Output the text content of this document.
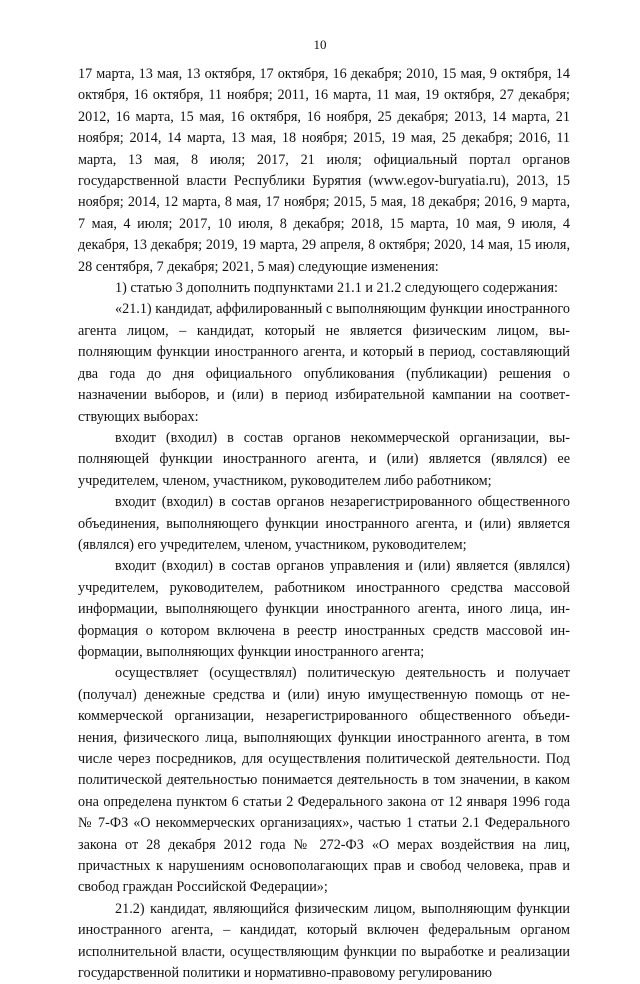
10

17 марта, 13 мая, 13 октября, 17 октября, 16 декабря; 2010, 15 мая, 9 октября, 14 октября, 16 октября, 11 ноября; 2011, 16 марта, 11 мая, 19 октября, 27 декабря; 2012, 16 марта, 15 мая, 16 октября, 16 ноября, 25 декабря; 2013, 14 марта, 21 ноября; 2014, 14 марта, 13 мая, 18 ноября; 2015, 19 мая, 25 декабря; 2016, 11 марта, 13 мая, 8 июля; 2017, 21 июля; официальный портал органов государственной власти Республики Бурятия (www.egov-buryatia.ru), 2013, 15 ноября; 2014, 12 марта, 8 мая, 17 ноября; 2015, 5 мая, 18 декабря; 2016, 9 марта, 7 мая, 4 июля; 2017, 10 июля, 8 декабря; 2018, 15 марта, 10 мая, 9 июля, 4 декабря, 13 декабря; 2019, 19 марта, 29 апреля, 8 октября; 2020, 14 мая, 15 июля, 28 сентября, 7 декабря; 2021, 5 мая) следующие изменения:

1) статью 3 дополнить подпунктами 21.1 и 21.2 следующего содержания:

«21.1) кандидат, аффилированный с выполняющим функции иностранного агента лицом, – кандидат, который не является физическим лицом, выполняющим функции иностранного агента, и который в период, составляющий два года до дня официального опубликования (публикации) решения о назначении выборов, и (или) в период избирательной кампании на соответствующих выборах:

входит (входил) в состав органов некоммерческой организации, выполняющей функции иностранного агента, и (или) является (являлся) ее учредителем, членом, участником, руководителем либо работником;

входит (входил) в состав органов незарегистрированного общественного объединения, выполняющего функции иностранного агента, и (или) является (являлся) его учредителем, членом, участником, руководителем;

входит (входил) в состав органов управления и (или) является (являлся) учредителем, руководителем, работником иностранного средства массовой информации, выполняющего функции иностранного агента, иного лица, информация о котором включена в реестр иностранных средств массовой информации, выполняющих функции иностранного агента;

осуществляет (осуществлял) политическую деятельность и получает (получал) денежные средства и (или) иную имущественную помощь от некоммерческой организации, незарегистрированного общественного объединения, физического лица, выполняющих функции иностранного агента, в том числе через посредников, для осуществления политической деятельности. Под политической деятельностью понимается деятельность в том значении, в каком она определена пунктом 6 статьи 2 Федерального закона от 12 января 1996 года № 7-ФЗ «О некоммерческих организациях», частью 1 статьи 2.1 Федерального закона от 28 декабря 2012 года № 272-ФЗ «О мерах воздействия на лиц, причастных к нарушениям основополагающих прав и свобод человека, прав и свобод граждан Российской Федерации»;

21.2) кандидат, являющийся физическим лицом, выполняющим функции иностранного агента, – кандидат, который включен федеральным органом исполнительной власти, осуществляющим функции по выработке и реализации государственной политики и нормативно-правовому регулированию
